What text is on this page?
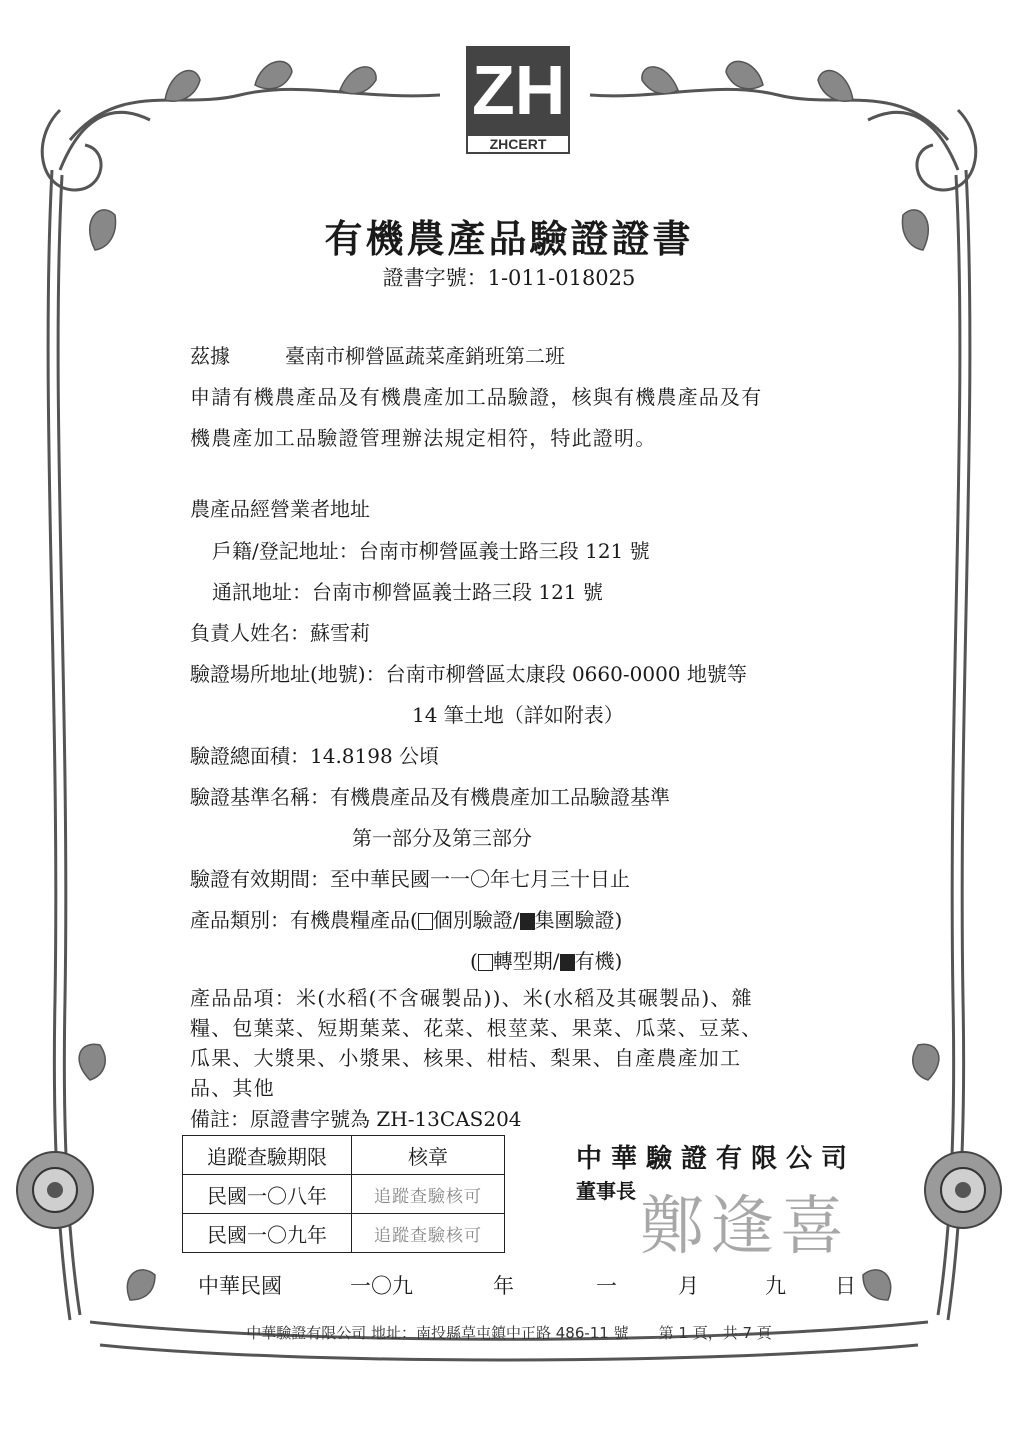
ZH
ZHCERT
有機農產品驗證證書
證書字號：1-011-018025
茲據	臺南市柳營區蔬菜產銷班第二班
申請有機農產品及有機農產加工品驗證，核與有機農產品及有
機農產加工品驗證管理辦法規定相符，特此證明。
農產品經營業者地址
戶籍/登記地址：台南市柳營區義士路三段 121 號
通訊地址：台南市柳營區義士路三段 121 號
負責人姓名：蘇雪莉
驗證場所地址(地號)：台南市柳營區太康段 0660-0000 地號等
14 筆土地（詳如附表）
驗證總面積：14.8198 公頃
驗證基準名稱：有機農產品及有機農產加工品驗證基準
第一部分及第三部分
驗證有效期間：至中華民國一一〇年七月三十日止
產品類別：有機農糧產品( 個別驗證/ 集團驗證)
( 轉型期/ 有機)
產品品項：米(水稻(不含碾製品))、米(水稻及其碾製品)、雜
糧、包葉菜、短期葉菜、花菜、根莖菜、果菜、瓜菜、豆菜、
瓜果、大漿果、小漿果、核果、柑桔、梨果、自產農產加工
品、其他
備註：原證書字號為 ZH-13CAS204
追蹤查驗期限	核章
民國一〇八年	追蹤查驗核可
民國一〇九年	追蹤查驗核可
中華驗證有限公司
董事長 鄭逢喜
中華民國	一〇九	年	一	月	九 日
中華驗證有限公司 地址：南投縣草屯鎮中正路 486-11 號　　第 1 頁，共 7 頁
